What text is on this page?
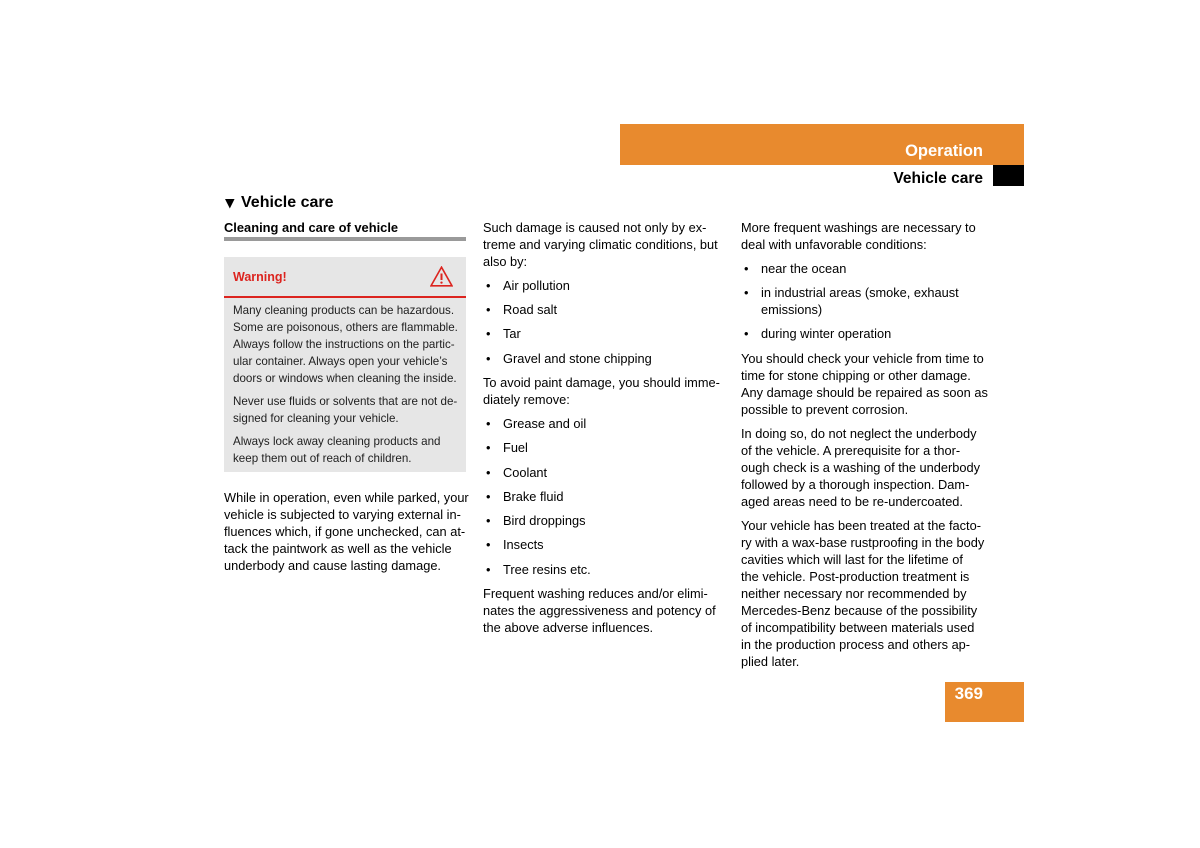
Operation
Vehicle care
▼ Vehicle care
Cleaning and care of vehicle
Warning!
Many cleaning products can be hazardous.
Some are poisonous, others are flammable.
Always follow the instructions on the partic-
ular container. Always open your vehicle’s
doors or windows when cleaning the inside.
Never use fluids or solvents that are not de-
signed for cleaning your vehicle.
Always lock away cleaning products and
keep them out of reach of children.
While in operation, even while parked, your
vehicle is subjected to varying external in-
fluences which, if gone unchecked, can at-
tack the paintwork as well as the vehicle
underbody and cause lasting damage.
Such damage is caused not only by ex-
treme and varying climatic conditions, but
also by:
• Air pollution
• Road salt
• Tar
• Gravel and stone chipping
To avoid paint damage, you should imme-
diately remove:
• Grease and oil
• Fuel
• Coolant
• Brake fluid
• Bird droppings
• Insects
• Tree resins etc.
Frequent washing reduces and/or elimi-
nates the aggressiveness and potency of
the above adverse influences.
More frequent washings are necessary to
deal with unfavorable conditions:
• near the ocean
• in industrial areas (smoke, exhaust
emissions)
• during winter operation
You should check your vehicle from time to
time for stone chipping or other damage.
Any damage should be repaired as soon as
possible to prevent corrosion.
In doing so, do not neglect the underbody
of the vehicle. A prerequisite for a thor-
ough check is a washing of the underbody
followed by a thorough inspection. Dam-
aged areas need to be re-undercoated.
Your vehicle has been treated at the facto-
ry with a wax-base rustproofing in the body
cavities which will last for the lifetime of
the vehicle. Post-production treatment is
neither necessary nor recommended by
Mercedes-Benz because of the possibility
of incompatibility between materials used
in the production process and others ap-
plied later.
369
